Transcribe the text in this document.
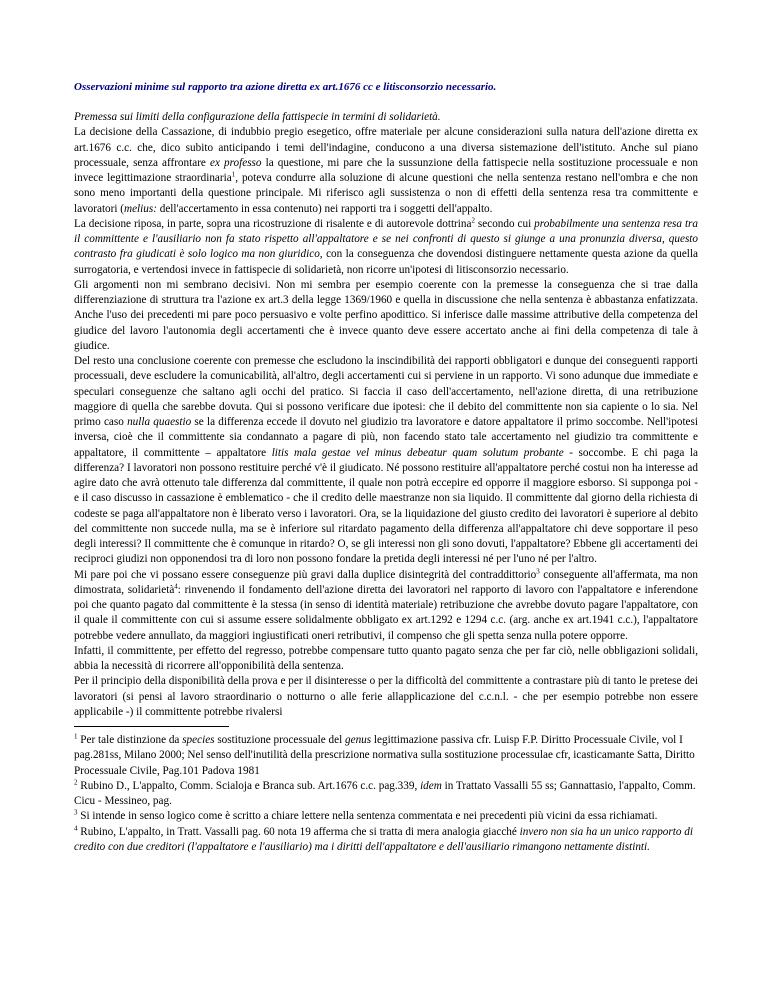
Osservazioni minime sul rapporto tra azione diretta ex art.1676 cc e litisconsorzio necessario.

Premessa sui limiti della configurazione della fattispecie in termini di solidarietà.

La decisione della Cassazione, di indubbio pregio esegetico, offre materiale per alcune considerazioni sulla natura dell'azione diretta ex art.1676 c.c. che, dico subito anticipando i temi dell'indagine, conducono a una diversa sistemazione dell'istituto. Anche sul piano processuale, senza affrontare ex professo la questione, mi pare che la sussunzione della fattispecie nella sostituzione processuale e non invece legittimazione straordinaria$^1$, poteva condurre alla soluzione di alcune questioni che nella sentenza restano nell'ombra e che non sono meno importanti della questione principale. Mi riferisco agli sussistenza o non di effetti della sentenza resa tra committente e lavoratori (melius: dell'accertamento in essa contenuto) nei rapporti tra i soggetti dell'appalto.

La decisione riposa, in parte, sopra una ricostruzione di risalente e di autorevole dottrina$^2$ secondo cui probabilmente una sentenza resa tra il committente e l'ausiliario non fa stato rispetto all'appaltatore e se nei confronti di questo si giunge a una pronunzia diversa, questo contrasto fra giudicati è solo logico ma non giuridico, con la conseguenza che dovendosi distinguere nettamente questa azione da quella surrogatoria, e vertendosi invece in fattispecie di solidarietà, non ricorre un'ipotesi di litisconsorzio necessario.

Gli argomenti non mi sembrano decisivi. Non mi sembra per esempio coerente con la premesse la conseguenza che si trae dalla differenziazione di struttura tra l'azione ex art.3 della legge 1369/1960 e quella in discussione che nella sentenza è abbastanza enfatizzata. Anche l'uso dei precedenti mi pare poco persuasivo e volte perfino apodittico. Si inferisce dalle massime attributive della competenza del giudice del lavoro l'autonomia degli accertamenti che è invece quanto deve essere accertato anche ai fini della competenza di tale à giudice.

Del resto una conclusione coerente con premesse che escludono la inscindibilità dei rapporti obbligatori e dunque dei conseguenti rapporti processuali, deve escludere la comunicabilità, all'altro, degli accertamenti cui si perviene in un rapporto. Vi sono adunque due immediate e speculari conseguenze che saltano agli occhi del pratico. Si faccia il caso dell'accertamento, nell'azione diretta, di una retribuzione maggiore di quella che sarebbe dovuta. Qui si possono verificare due ipotesi: che il debito del committente non sia capiente o lo sia. Nel primo caso nulla quaestio se la differenza eccede il dovuto nel giudizio tra lavoratore e datore appaltatore il primo soccombe. Nell'ipotesi inversa, cioè che il committente sia condannato a pagare di più, non facendo stato tale accertamento nel giudizio tra committente e appaltatore, il committente – appaltatore litis mala gestae vel minus debeatur quam solutum probante - soccombe. E chi paga la differenza? I lavoratori non possono restituire perché v'è il giudicato. Né possono restituire all'appaltatore perché costui non ha interesse ad agire dato che avrà ottenuto tale differenza dal committente, il quale non potrà eccepire ed opporre il maggiore esborso. Si supponga poi - e il caso discusso in cassazione è emblematico - che il credito delle maestranze non sia liquido. Il committente dal giorno della richiesta di codeste se paga all'appaltatore non è liberato verso i lavoratori. Ora, se la liquidazione del giusto credito dei lavoratori è superiore al debito del committente non succede nulla, ma se è inferiore sul ritardato pagamento della differenza all'appaltatore chi deve sopportare il peso degli interessi? Il committente che è comunque in ritardo? O, se gli interessi non gli sono dovuti, l'appaltatore? Ebbene gli accertamenti dei reciproci giudizi non opponendosi tra di loro non possono fondare la pretida degli interessi né per l'uno né per l'altro.

Mi pare poi che vi possano essere conseguenze più gravi dalla duplice disintegrità del contraddittorio$^3$ conseguente all'affermata, ma non dimostrata, solidarietà$^4$: rinvenendo il fondamento dell'azione diretta dei lavoratori nel rapporto di lavoro con l'appaltatore e inferendone poi che quanto pagato dal committente è la stessa (in senso di identità materiale) retribuzione che avrebbe dovuto pagare l'appaltatore, con il quale il committente con cui si assume essere solidalmente obbligato ex art.1292 e 1294 c.c. (arg. anche ex art.1941 c.c.), l'appaltatore potrebbe vedere annullato, da maggiori ingiustificati oneri retributivi, il compenso che gli spetta senza nulla potere opporre.

Infatti, il committente, per effetto del regresso, potrebbe compensare tutto quanto pagato senza che per far ciò, nelle obbligazioni solidali, abbia la necessità di ricorrere all'opponibilità della sentenza.

Per il principio della disponibilità della prova e per il disinteresse o per la difficoltà del committente a contrastare più di tanto le pretese dei lavoratori (si pensi al lavoro straordinario o notturno o alle ferie allapplicazione del c.c.n.l. - che per esempio potrebbe non essere applicabile -) il committente potrebbe rivalersi

$^1$ Per tale distinzione da species sostituzione processuale del genus legittimazione passiva cfr. Luisp F.P. Diritto Processuale Civile, vol I pag.281ss, Milano 2000; Nel senso dell'inutilità della prescrizione normativa sulla sostituzione processulae cfr, icasticamante Satta, Diritto Processuale Civile, Pag.101 Padova 1981

$^2$ Rubino D., L'appalto, Comm. Scialoja e Branca sub. Art.1676 c.c. pag.339, idem in Trattato Vassalli 55 ss; Gannattasio, l'appalto, Comm. Cicu - Messineo, pag.

$^3$ Si intende in senso logico come è scritto a chiare lettere nella sentenza commentata e nei precedenti più vicini da essa richiamati.

$^4$ Rubino, L'appalto, in Tratt. Vassalli pag. 60 nota 19 afferma che si tratta di mera analogia giacché invero non sia ha un unico rapporto di credito con due creditori (l'appaltatore e l'ausiliario) ma i diritti dell'appaltatore e dell'ausiliario rimangono nettamente distinti.
